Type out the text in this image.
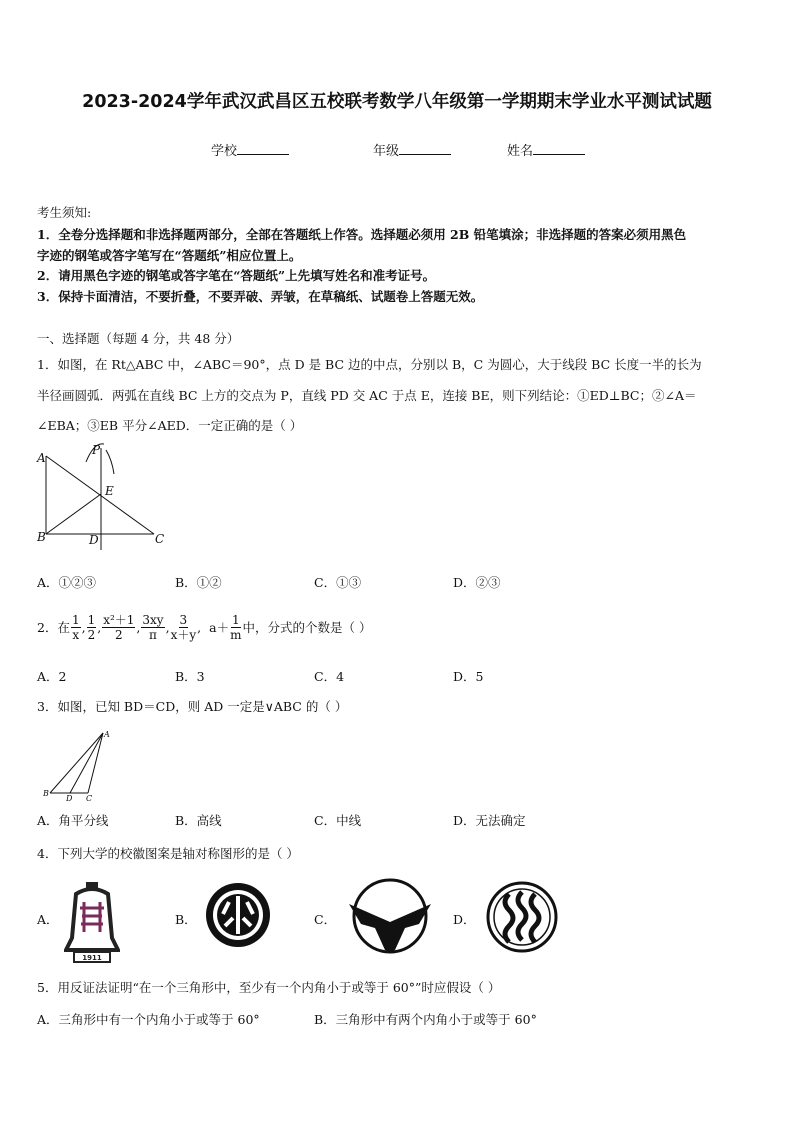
2023-2024学年武汉武昌区五校联考数学八年级第一学期期末学业水平测试试题
学校	年级	姓名
考生须知:
1．全卷分选择题和非选择题两部分，全部在答题纸上作答。选择题必须用 2B 铅笔填涂；非选择题的答案必须用黑色
字迹的钢笔或答字笔写在“答题纸”相应位置上。
2．请用黑色字迹的钢笔或答字笔在“答题纸”上先填写姓名和准考证号。
3．保持卡面清洁，不要折叠，不要弄破、弄皱，在草稿纸、试题卷上答题无效。
一、选择题（每题 4 分，共 48 分）
1．如图，在 Rt△ABC 中，∠ABC＝90°，点 D 是 BC 边的中点，分别以 B，C 为圆心，大于线段 BC 长度一半的长为
半径画圆弧．两弧在直线 BC 上方的交点为 P，直线 PD 交 AC 于点 E，连接 BE，则下列结论：①ED⊥BC；②∠A＝
∠EBA；③EB 平分∠AED．一定正确的是（ ）
A
P
E
B	D	C
A．①②③	B．①②	C．①③	D．②③
2．在 $\frac{1}{x}$ , $\frac{1}{2}$ , $\frac{\text{x²＋1}}{2}$ , $\frac{3xy}{\pi}$ , $\frac{3}{x+y}$ , $a+ \frac{1}{m}$ 中，分式的个数是（ ）
A．2	B．3	C．4	D．5
3．如图，已知 BD＝CD，则 AD 一定是∨ABC 的（ ）
A
B
D C
A．角平分线	B．高线	C．中线	D．无法确定
4．下列大学的校徽图案是轴对称图形的是（ ）
A．
1911
B．	C．	D．
5．用反证法证明“在一个三角形中，至少有一个内角小于或等于 60°”时应假设（ ）
A．三角形中有一个内角小于或等于 60°	B．三角形中有两个内角小于或等于 60°
